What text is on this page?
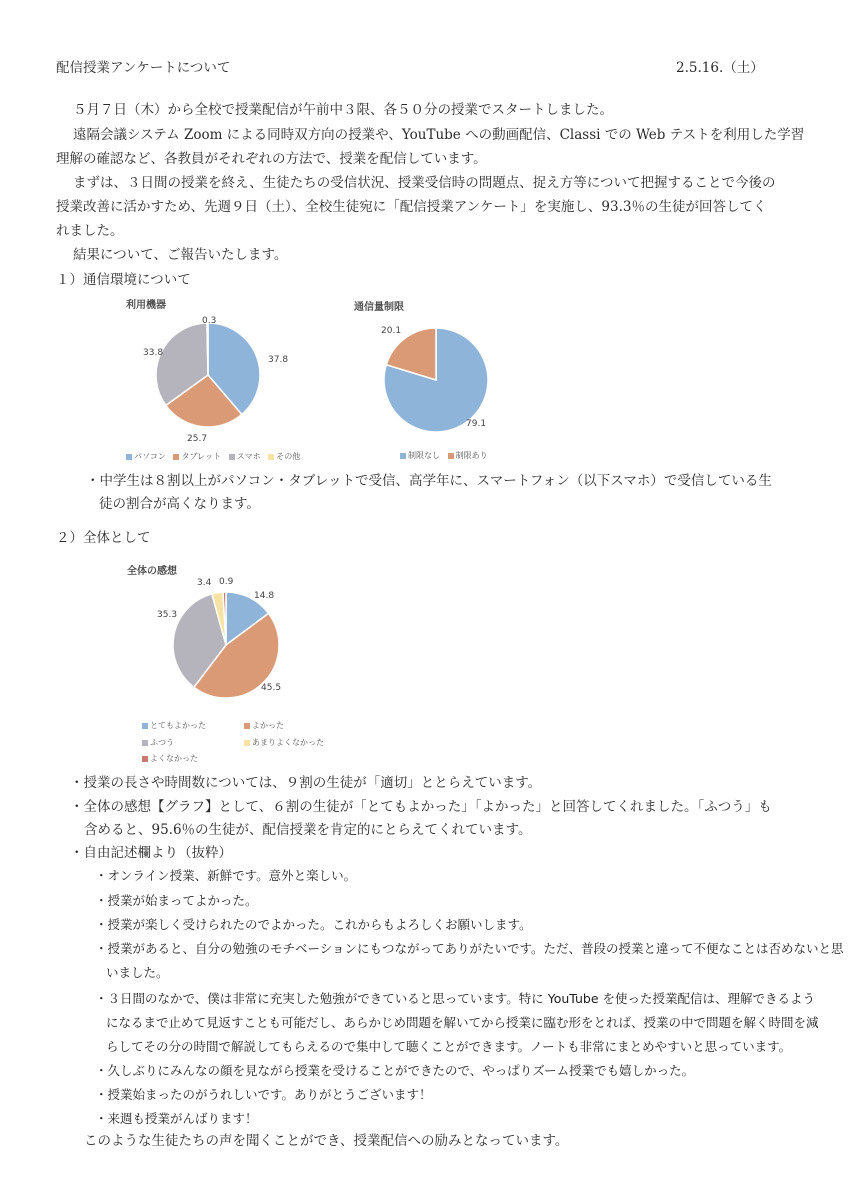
配信授業アンケートについて	2.5.16.（土）
５月７日（木）から全校で授業配信が午前中３限、各５０分の授業でスタートしました。
遠隔会議システム Zoom による同時双方向の授業や、YouTube への動画配信、Classi での Web テストを利用した学習
理解の確認など、各教員がそれぞれの方法で、授業を配信しています。
まずは、３日間の授業を終え、生徒たちの受信状況、授業受信時の問題点、捉え方等について把握することで今後の
授業改善に活かすため、先週９日（土）、全校生徒宛に「配信授業アンケート」を実施し、93.3％の生徒が回答してく
れました。
結果について、ご報告いたします。
１）通信環境について
利用機器
37.8
25.7
33.8
0.3
パソコン タブレット スマホ その他
通信量制限
79.1
20.1
制限なし 制限あり
・中学生は８割以上がパソコン・タブレットで受信、高学年に、スマートフォン（以下スマホ）で受信している生
徒の割合が高くなります。
２）全体として
全体の感想
14.8
45.5
35.3
3.4 0.9
とてもよかった	よかった
ふつう	あまりよくなかった
よくなかった
・授業の長さや時間数については、９割の生徒が「適切」ととらえています。
・全体の感想【グラフ】として、６割の生徒が「とてもよかった」「よかった」と回答してくれました。「ふつう」も
含めると、95.6％の生徒が、配信授業を肯定的にとらえてくれています。
・自由記述欄より（抜粋）
・オンライン授業、新鮮です。意外と楽しい。
・授業が始まってよかった。
・授業が楽しく受けられたのでよかった。これからもよろしくお願いします。
・授業があると、自分の勉強のモチベーションにもつながってありがたいです。ただ、普段の授業と違って不便なことは否めないと思
いました。
・３日間のなかで、僕は非常に充実した勉強ができていると思っています。特に YouTube を使った授業配信は、理解できるよう
になるまで止めて見返すことも可能だし、あらかじめ問題を解いてから授業に臨む形をとれば、授業の中で問題を解く時間を減
らしてその分の時間で解説してもらえるので集中して聴くことができます。ノートも非常にまとめやすいと思っています。
・久しぶりにみんなの顔を見ながら授業を受けることができたので、やっぱりズーム授業でも嬉しかった。
・授業始まったのがうれしいです。ありがとうございます！
・来週も授業がんばります！
このような生徒たちの声を聞くことができ、授業配信への励みとなっています。
